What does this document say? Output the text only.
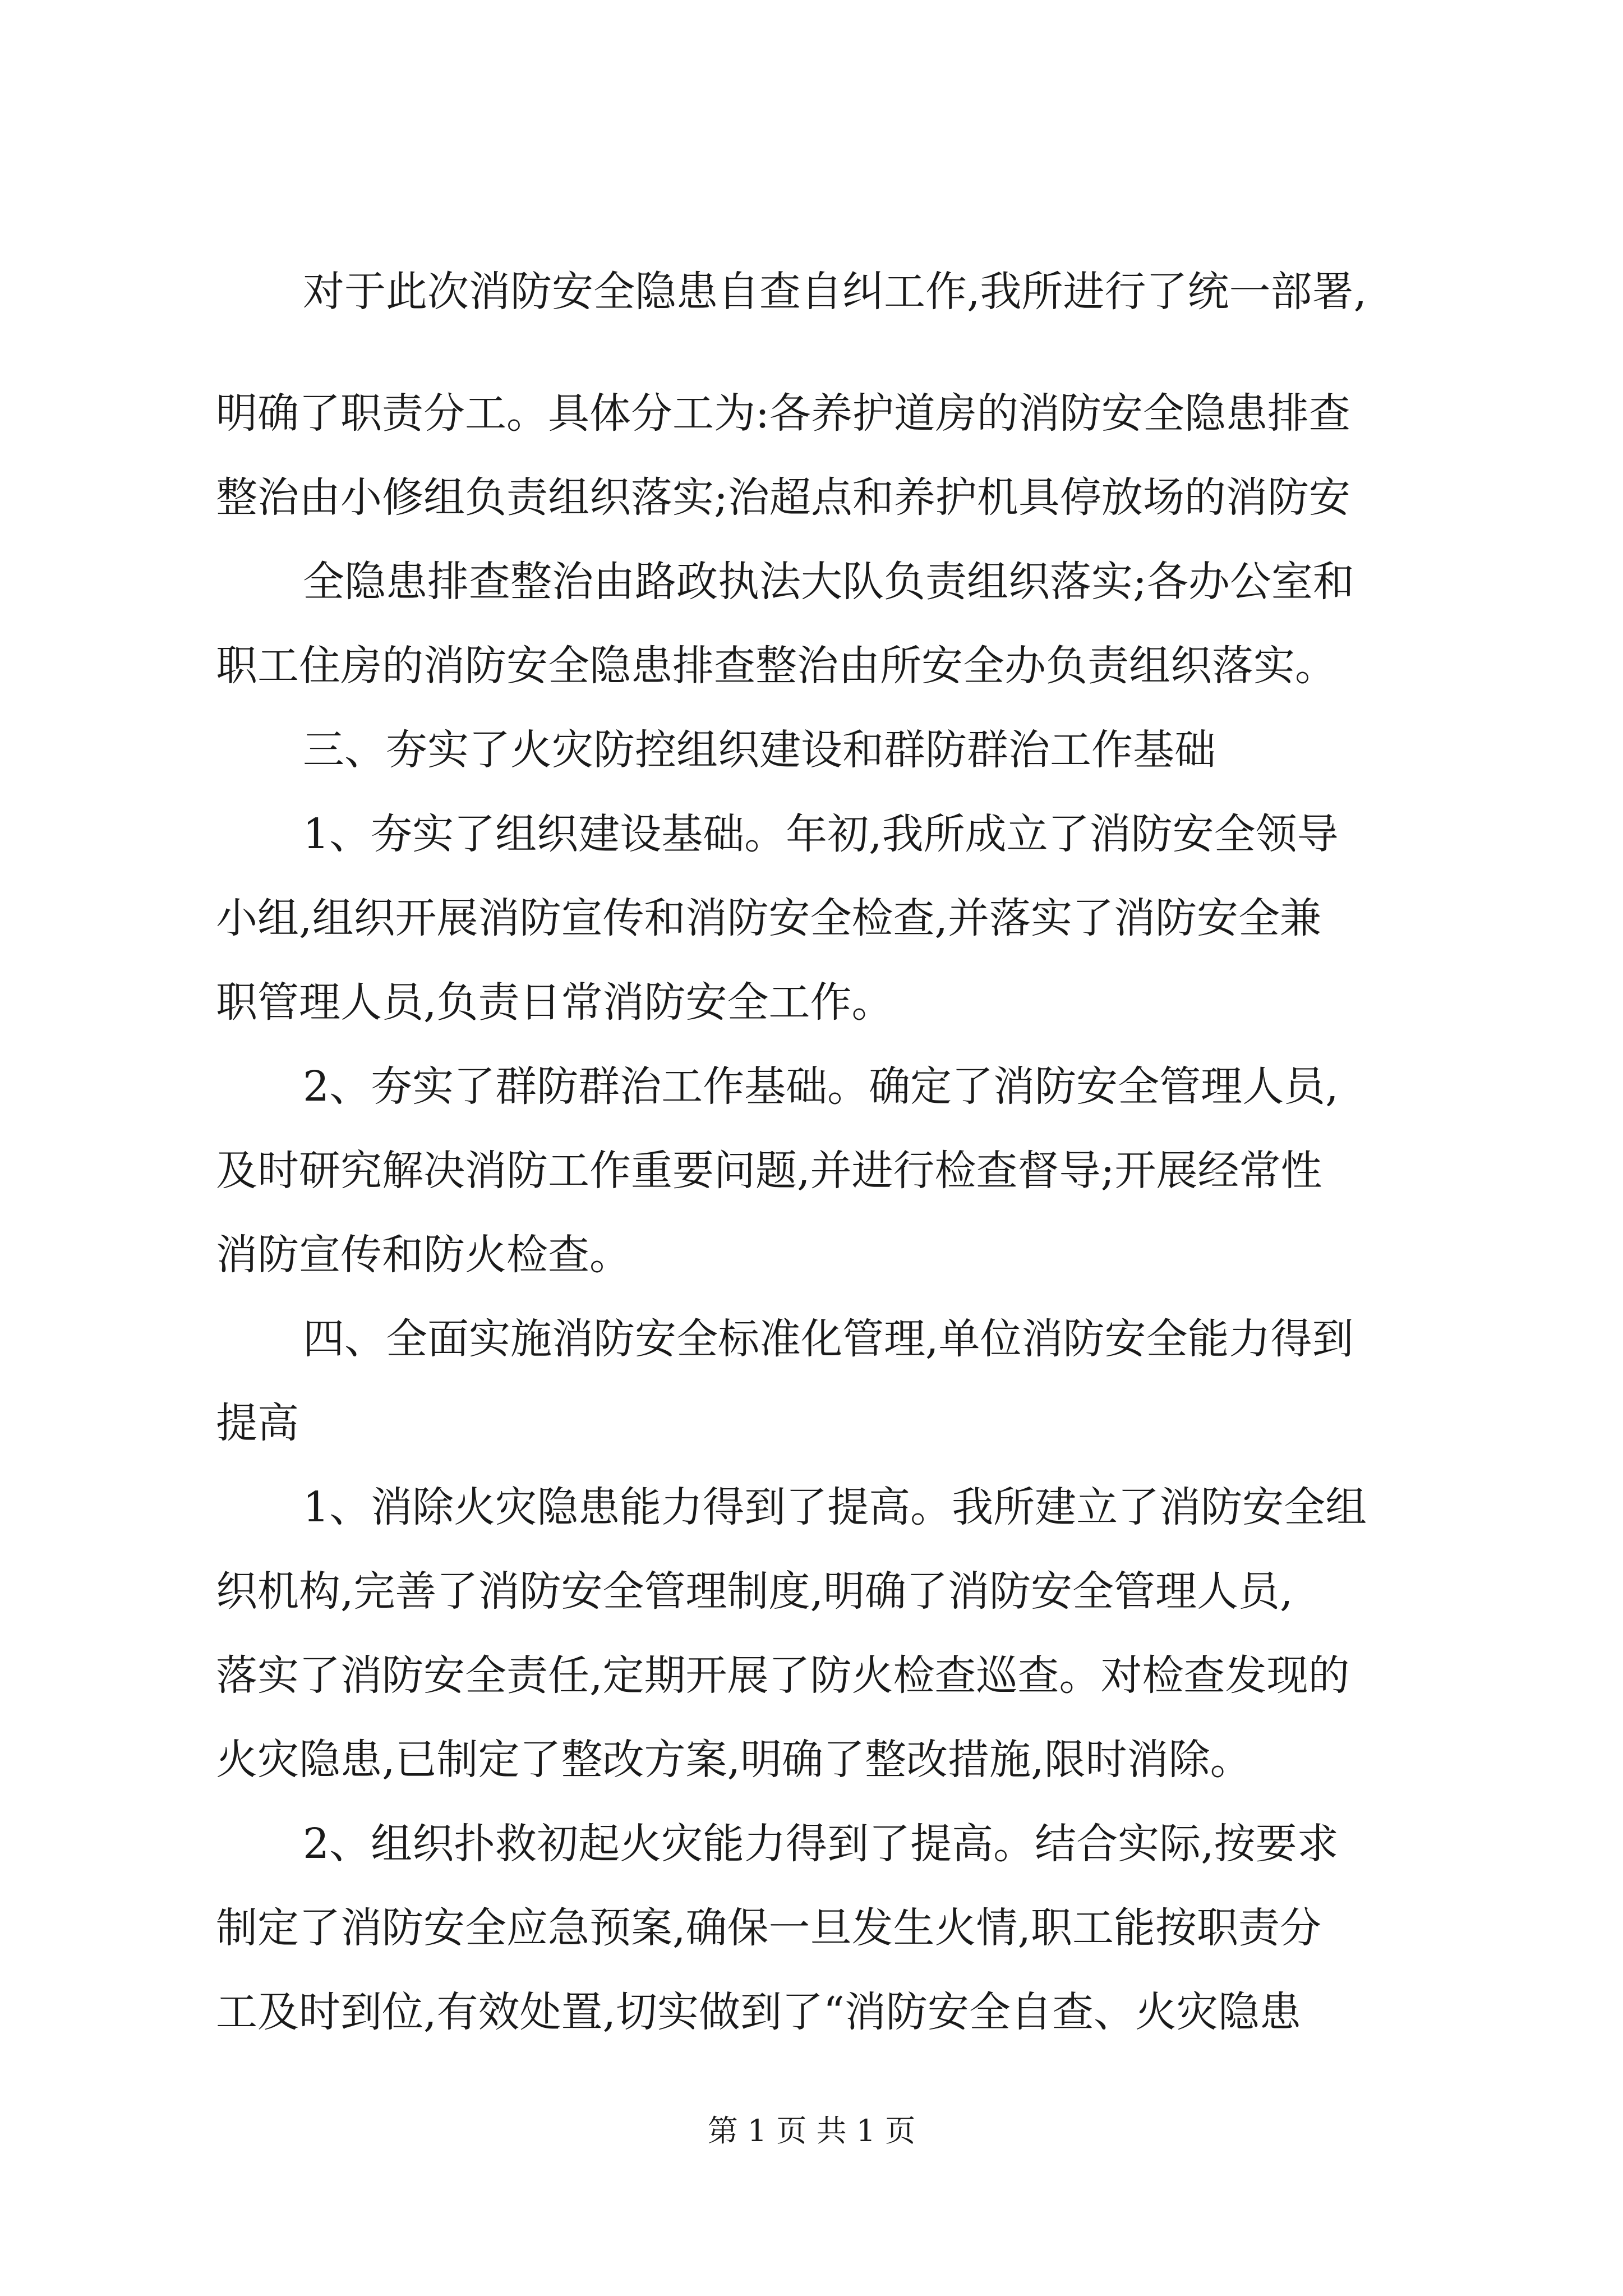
对于此次消防安全隐患自查自纠工作,我所进行了统一部署,

明确了职责分工。具体分工为:各养护道房的消防安全隐患排查

整治由小修组负责组织落实;治超点和养护机具停放场的消防安

全隐患排查整治由路政执法大队负责组织落实;各办公室和

职工住房的消防安全隐患排查整治由所安全办负责组织落实。

三、夯实了火灾防控组织建设和群防群治工作基础

1、夯实了组织建设基础。年初,我所成立了消防安全领导

小组,组织开展消防宣传和消防安全检查,并落实了消防安全兼

职管理人员,负责日常消防安全工作。

2、夯实了群防群治工作基础。确定了消防安全管理人员,

及时研究解决消防工作重要问题,并进行检查督导;开展经常性

消防宣传和防火检查。

四、全面实施消防安全标准化管理,单位消防安全能力得到

提高

1、消除火灾隐患能力得到了提高。我所建立了消防安全组

织机构,完善了消防安全管理制度,明确了消防安全管理人员,

落实了消防安全责任,定期开展了防火检查巡查。对检查发现的

火灾隐患,已制定了整改方案,明确了整改措施,限时消除。

2、组织扑救初起火灾能力得到了提高。结合实际,按要求

制定了消防安全应急预案,确保一旦发生火情,职工能按职责分

工及时到位,有效处置,切实做到了“消防安全自查、火灾隐患

第 1 页 共 1 页
